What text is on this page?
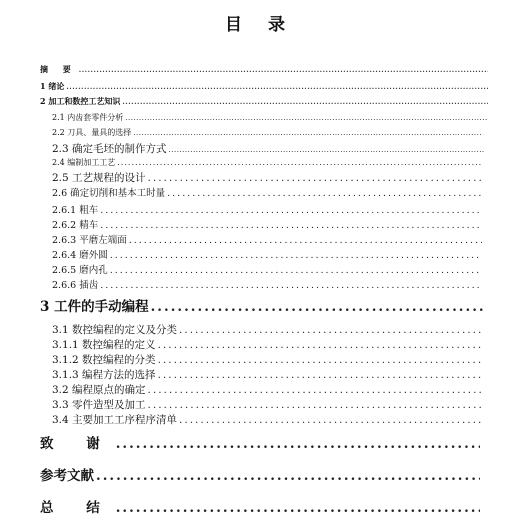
目 录
摘 要
.....
1 绪论
.....
2 加工和数控工艺知识
.....
2.1 内齿套零件分析
.....
2.2 刀具、量具的选择
.....
2.3 确定毛坯的制作方式
.....
2.4 编制加工工艺
.....
2.5 工艺规程的设计
.....
2.6 确定切削和基本工时量
.....
2.6.1 粗车
.....
2.6.2 精车
.....
2.6.3 平磨左端面
.....
2.6.4 磨外圆
.....
2.6.5 磨内孔
.....
2.6.6 插齿
.....
3 工件的手动编程
.....
3.1 数控编程的定义及分类
.....
3.1.1 数控编程的定义
.....
3.1.2 数控编程的分类
.....
3.1.3 编程方法的选择
.....
3.2 编程原点的确定
.....
3.3 零件造型及加工
.....
3.4 主要加工工序程序清单
.....
致 谢
.....
参考文献
.....
总 结
.....
